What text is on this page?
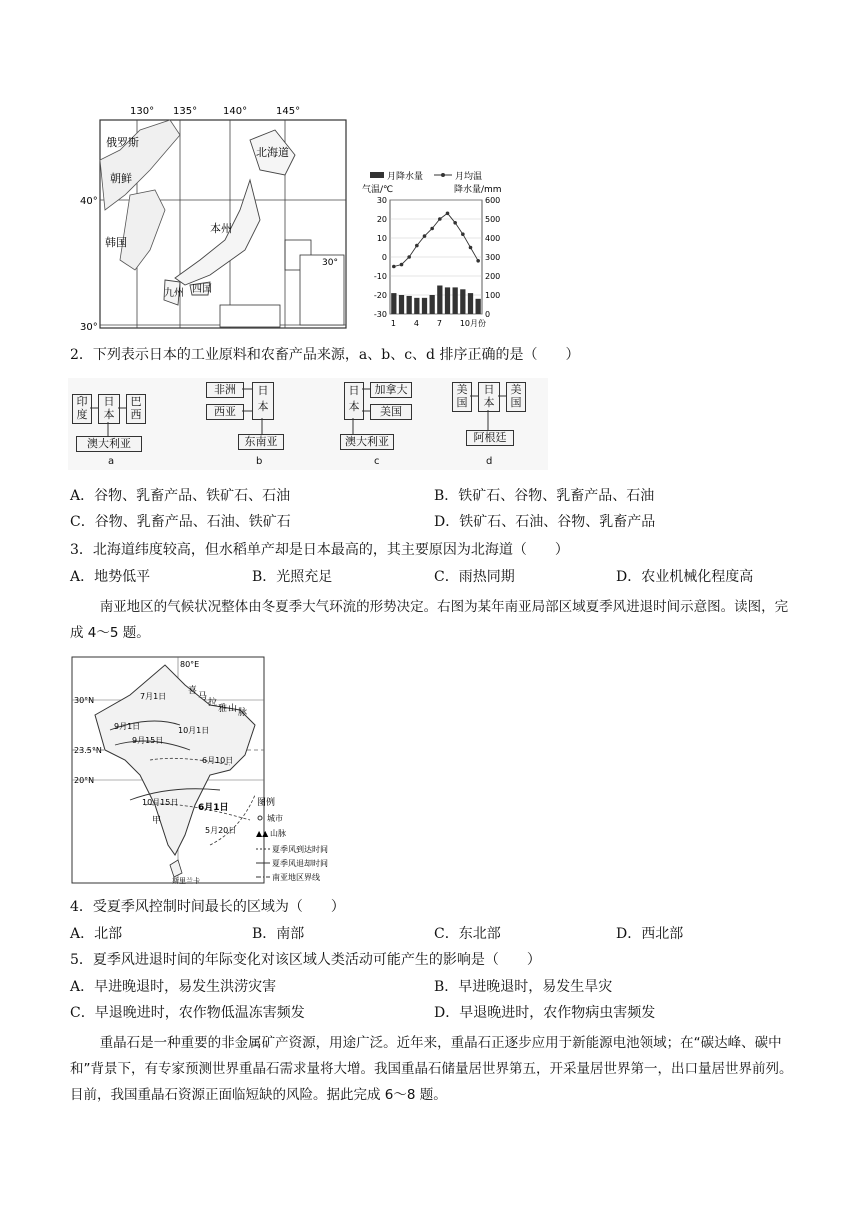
130° 135°	140°	145°
40°
30°
30°
俄罗斯
朝鲜
韩国
北海道
本州
四国
九州
月降水量	月均温
气温/℃	降水量/mm
30
20
10
0
-10
-20
-30
600
500
400
300
200
100
0
1 4 7 10月份
2．下列表示日本的工业原料和农畜产品来源，a、b、c、d 排序正确的是（　　）
印度
日本
巴西
澳大利亚
a
非洲
西亚
日本
东南亚
b
日本
加拿大
美国
澳大利亚
c
美国
日本
美国
阿根廷
d
A．谷物、乳畜产品、铁矿石、石油	B．铁矿石、谷物、乳畜产品、石油
C．谷物、乳畜产品、石油、铁矿石	D．铁矿石、石油、谷物、乳畜产品
3．北海道纬度较高，但水稻单产却是日本最高的，其主要原因为北海道（　　）
A．地势低平	B．光照充足	C．雨热同期	D．农业机械化程度高
南亚地区的气候状况整体由冬夏季大气环流的形势决定。右图为某年南亚局部区域夏季风进退时间示意图。读图，完成 4～5 题。
30°N
23.5°N
20°N
80°E
7月1日
9月1日
9月15日
10月1日
6月10日
10月15日
6月1日
5月20日
喜
马
拉
雅 山 脉
甲
斯里兰卡
图例
城市
▲▲ 山脉
夏季风到达时间
夏季风退却时间
南亚地区界线
4．受夏季风控制时间最长的区域为（　　）
A．北部	B．南部	C．东北部	D．西北部
5．夏季风进退时间的年际变化对该区域人类活动可能产生的影响是（　　）
A．早进晚退时，易发生洪涝灾害	B．早进晚退时，易发生旱灾
C．早退晚进时，农作物低温冻害频发	D．早退晚进时，农作物病虫害频发
重晶石是一种重要的非金属矿产资源，用途广泛。近年来，重晶石正逐步应用于新能源电池领域；在“碳达峰、碳中和”背景下，有专家预测世界重晶石需求量将大增。我国重晶石储量居世界第五，开采量居世界第一，出口量居世界前列。目前，我国重晶石资源正面临短缺的风险。据此完成 6～8 题。
